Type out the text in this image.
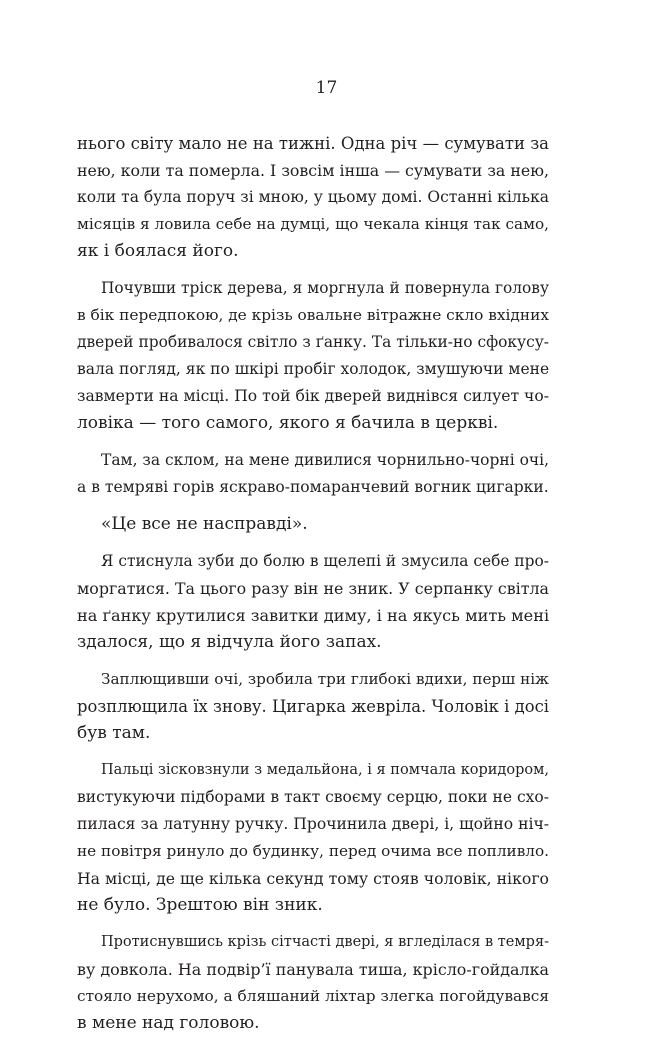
17

нього світу мало не на тижні. Одна річ — сумувати за
нею, коли та померла. І зовсім інша — сумувати за нею,
коли та була поруч зі мною, у цьому домі. Останні кілька
місяців я ловила себе на думці, що чекала кінця так само,
як і боялася його.

Почувши тріск дерева, я моргнула й повернула голову
в бік передпокою, де крізь овальне вітражне скло вхідних
дверей пробивалося світло з ґанку. Та тільки-но сфокусу-
вала погляд, як по шкірі пробіг холодок, змушуючи мене
завмерти на місці. По той бік дверей виднівся силует чо-
ловіка — того самого, якого я бачила в церкві.

Там, за склом, на мене дивилися чорнильно-чорні очі,
а в темряві горів яскраво-помаранчевий вогник цигарки.

«Це все не насправді».

Я стиснула зуби до болю в щелепі й змусила себе про-
моргатися. Та цього разу він не зник. У серпанку світла
на ґанку крутилися завитки диму, і на якусь мить мені
здалося, що я відчула його запах.

Заплющивши очі, зробила три глибокі вдихи, перш ніж
розплющила їх знову. Цигарка жевріла. Чоловік і досі
був там.

Пальці зісковзнули з медальйона, і я помчала коридором,
вистукуючи підборами в такт своєму серцю, поки не схо-
пилася за латунну ручку. Прочинила двері, і, щойно ніч-
не повітря ринуло до будинку, перед очима все попливло.
На місці, де ще кілька секунд тому стояв чоловік, нікого
не було. Зрештою він зник.

Протиснувшись крізь сітчасті двері, я вгледілася в темря-
ву довкола. На подвір’ї панувала тиша, крісло-гойдалка
стояло нерухомо, а бляшаний ліхтар злегка погойдувався
в мене над головою.
